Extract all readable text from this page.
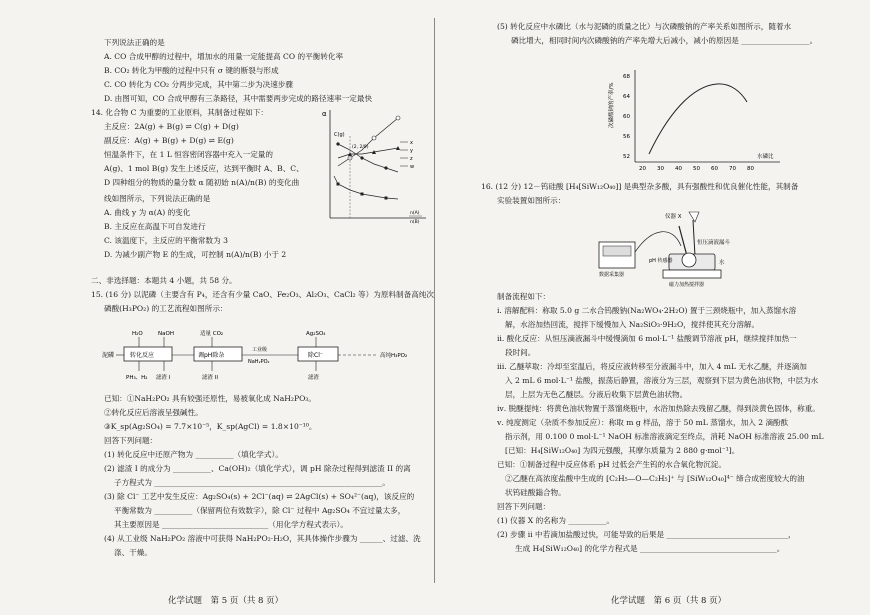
下列说法正确的是
A. CO 合成甲醇的过程中，增加水的用量一定能提高 CO 的平衡转化率
B. CO₂ 转化为甲酸的过程中只有 σ 键的断裂与形成
C. CO 转化为 CO₂ 分两步完成，其中第二步为决速步骤
D. 由图可知，CO 合成甲醇有三条路径，其中需要两步完成的路径速率一定最快
14. 化合物 C 为重要的工业原料，其制备过程如下：
主反应：2A(g) + B(g) ⇌ C(g) + D(g)
副反应：A(g) + B(g) + D(g) ⇌ E(g)
恒温条件下，在 1 L 恒容密闭容器中充入一定量的
A(g)、1 mol B(g) 发生上述反应，达到平衡时 A、B、C、
D 四种组分的物质的量分数 α 随初始 n(A)/n(B) 的变化曲
线如图所示，下列说法正确的是
A. 曲线 y 为 α(A) 的变化
B. 主反应在高温下可自发进行
C. 该温度下，主反应的平衡常数为 3
D. 为减少副产物 E 的生成，可控制 n(A)/n(B) 小于 2
二、非选择题：本题共 4 小题，共 58 分。
15. (16 分) 以泥磷（主要含有 P₄，还含有少量 CaO、Fe₂O₃、Al₂O₃、CaCl₂ 等）为原料制备高纯次
磷酸(H₃PO₂) 的工艺流程如图所示：
已知：①NaH₂PO₂ 具有较强还原性，易被氧化成 NaH₂PO₃。
②转化反应后溶液呈强碱性。
③K_sp(Ag₂SO₄) = 7.7×10⁻⁵，K_sp(AgCl) = 1.8×10⁻¹⁰。
回答下列问题：
(1) 转化反应中还原产物为 __________（填化学式）。
(2) 滤渣 I 的成分为 __________、Ca(OH)₂（填化学式），调 pH 除杂过程得到滤渣 II 的离
子方程式为 ____________________________________________________________。
(3) 除 Cl⁻ 工艺中发生反应：Ag₂SO₄(s) + 2Cl⁻(aq) ⇌ 2AgCl(s) + SO₄²⁻(aq)，该反应的
平衡常数为 __________（保留两位有效数字），除 Cl⁻ 过程中 Ag₂SO₄ 不宜过量太多，
其主要原因是 ____________________________（用化学方程式表示）。
(4) 从工业级 NaH₂PO₂ 溶液中可获得 NaH₂PO₂·H₂O，其具体操作步骤为 ______、过滤、洗
涤、干燥。
α
n(A)
n(B)
C(g)
(2, 2/9)
x
y
z
w
H₂O	NaOH	适量 CO₂	Ag₂SO₄
泥磷	转化反应	调pH除杂
工业级
NaH₂PO₂
除Cl⁻	高纯H₃PO₂
PH₃、H₂ 滤渣 I	滤渣 II	滤渣
化学试题　第 5 页（共 8 页）
(5) 转化反应中水磷比（水与泥磷的质量之比）与次磷酸钠的产率关系如图所示，随着水
磷比增大，相同时间内次磷酸钠的产率先增大后减小，减小的原因是 __________________。
次磷酸钠的产率/%
68
64
60
56
52
20 30 40 50 60 70 80
水磷比
16. (12 分) 12－钨硅酸 [H₄[SiW₁₂O₄₀]] 是典型杂多酸，具有强酸性和优良催化性能，其制备
实验装置如图所示：
仪器 X
恒压滴液漏斗
数据采集器
pH 传感器	水
磁力加热搅拌器
制备流程如下：
ⅰ. 溶解配料：称取 5.0 g 二水合钨酸钠(Na₂WO₄·2H₂O) 置于三颈烧瓶中，加入蒸馏水溶
解，水浴加热回流，搅拌下缓慢加入 Na₂SiO₃·9H₂O，搅拌使其充分溶解。
ⅱ. 酸化反应：从恒压滴液漏斗中缓慢滴加 6 mol·L⁻¹ 盐酸调节溶液 pH，继续搅拌加热一
段时间。
ⅲ. 乙醚萃取：冷却至室温后，将反应液转移至分液漏斗中，加入 4 mL 无水乙醚，并逐滴加
入 2 mL 6 mol·L⁻¹ 盐酸，振荡后静置，溶液分为三层，观察到下层为黄色油状物，中层为水
层，上层为无色乙醚层。分液后收集下层黄色油状物。
ⅳ. 脱醚提纯：将黄色油状物置于蒸馏烧瓶中，水浴加热除去残留乙醚，得到淡黄色固体，称重。
ⅴ. 纯度测定（杂质不参加反应）：称取 m g 样品，溶于 50 mL 蒸馏水，加入 2 滴酚酞
指示剂，用 0.100 0 mol·L⁻¹ NaOH 标准溶液滴定至终点，消耗 NaOH 标准溶液 25.00 mL
[已知：H₄[SiW₁₂O₄₀] 为四元强酸，其摩尔质量为 2 880 g·mol⁻¹]。
已知：①制备过程中反应体系 pH 过低会产生钨的水合氧化物沉淀。
②乙醚在高浓度盐酸中生成的 [C₂H₅—O—C₂H₅]⁺ 与 [SiW₁₂O₄₀]⁴⁻ 缔合成密度较大的油
状钨硅酸鎓合物。
回答下列问题：
(1) 仪器 X 的名称为 __________。
(2) 步骤 ⅱ 中若滴加盐酸过快，可能导致的后果是 ________________________________，
生成 H₄[SiW₁₂O₄₀] 的化学方程式是 ____________________________________。
化学试题　第 6 页（共 8 页）
